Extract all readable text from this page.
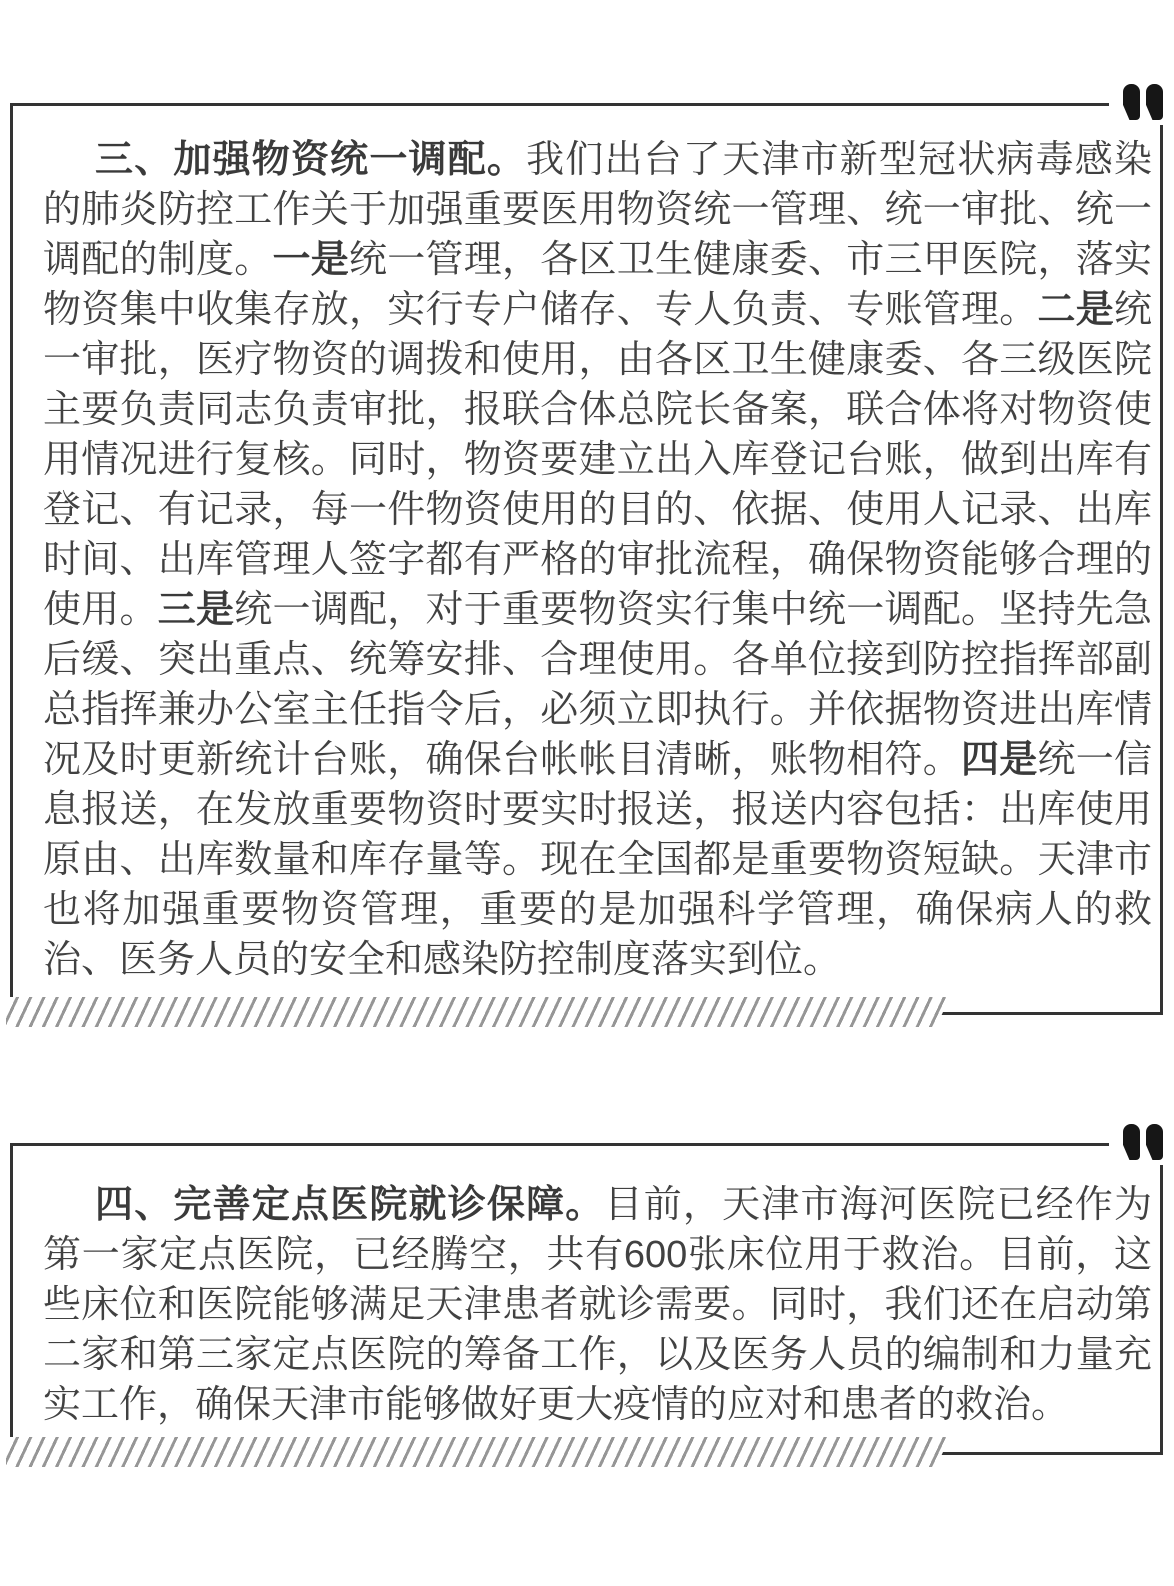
三、加强物资统一调配。我们出台了天津市新型冠状病毒感染的肺炎防控工作关于加强重要医用物资统一管理、统一审批、统一调配的制度。一是统一管理，各区卫生健康委、市三甲医院，落实物资集中收集存放，实行专户储存、专人负责、专账管理。二是统一审批，医疗物资的调拨和使用，由各区卫生健康委、各三级医院主要负责同志负责审批，报联合体总院长备案，联合体将对物资使用情况进行复核。同时，物资要建立出入库登记台账，做到出库有登记、有记录，每一件物资使用的目的、依据、使用人记录、出库时间、出库管理人签字都有严格的审批流程，确保物资能够合理的使用。三是统一调配，对于重要物资实行集中统一调配。坚持先急后缓、突出重点、统筹安排、合理使用。各单位接到防控指挥部副总指挥兼办公室主任指令后，必须立即执行。并依据物资进出库情况及时更新统计台账，确保台帐帐目清晰，账物相符。四是统一信息报送，在发放重要物资时要实时报送，报送内容包括：出库使用原由、出库数量和库存量等。现在全国都是重要物资短缺。天津市也将加强重要物资管理，重要的是加强科学管理，确保病人的救治、医务人员的安全和感染防控制度落实到位。

四、完善定点医院就诊保障。目前，天津市海河医院已经作为第一家定点医院，已经腾空，共有600张床位用于救治。目前，这些床位和医院能够满足天津患者就诊需要。同时，我们还在启动第二家和第三家定点医院的筹备工作，以及医务人员的编制和力量充实工作，确保天津市能够做好更大疫情的应对和患者的救治。
